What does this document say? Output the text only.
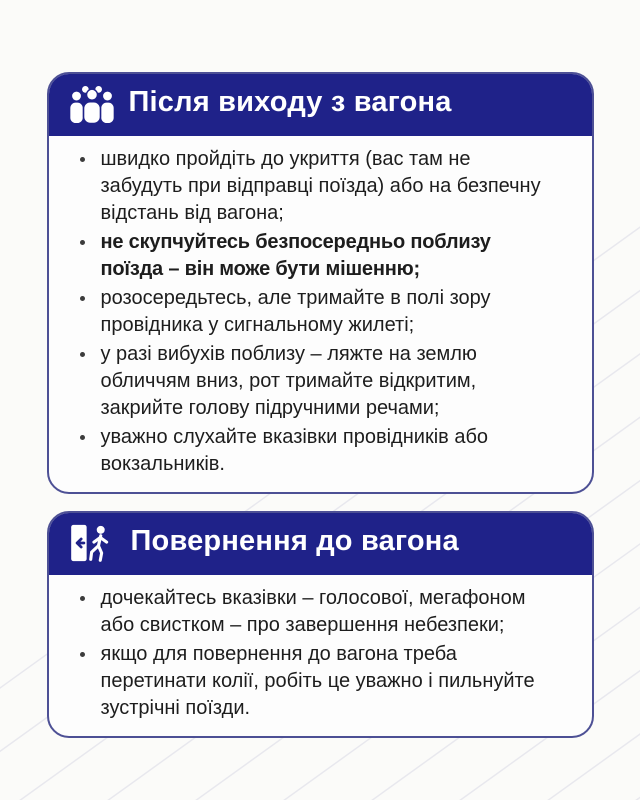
Після виходу з вагона
швидко пройдіть до укриття (вас там не забудуть при відправці поїзда) або на безпечну відстань від вагона;
не скупчуйтесь безпосередньо поблизу поїзда – він може бути мішенню;
розосередьтесь, але тримайте в полі зору провідника у сигнальному жилеті;
у разі вибухів поблизу – ляжте на землю обличчям вниз, рот тримайте відкритим, закрийте голову підручними речами;
уважно слухайте вказівки провідників або вокзальників.
Повернення до вагона
дочекайтесь вказівки – голосової, мегафоном або свистком – про завершення небезпеки;
якщо для повернення до вагона треба перетинати колії, робіть це уважно і пильнуйте зустрічні поїзди.
